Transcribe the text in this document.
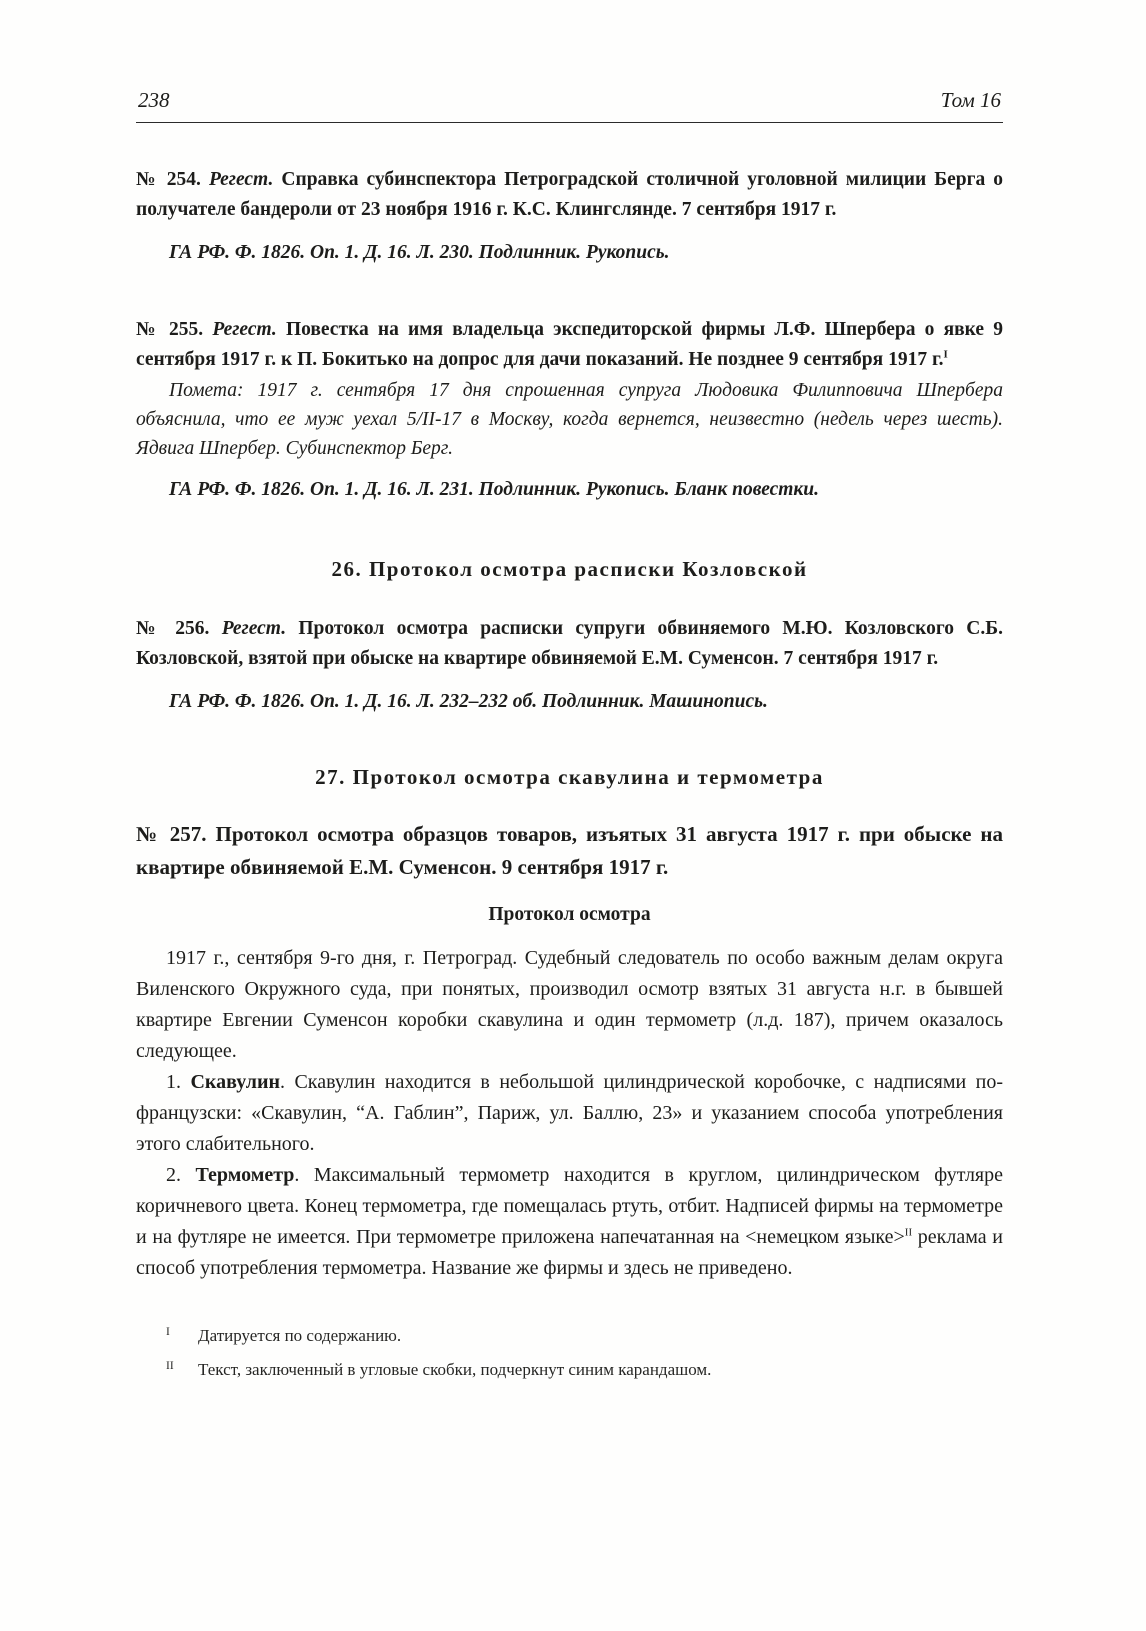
238	Том 16

№ 254. Регест. Справка субинспектора Петроградской столичной уголовной милиции Берга о получателе бандероли от 23 ноября 1916 г. К.С. Клингслянде. 7 сентября 1917 г.

ГА РФ. Ф. 1826. Оп. 1. Д. 16. Л. 230. Подлинник. Рукопись.

№ 255. Регест. Повестка на имя владельца экспедиторской фирмы Л.Ф. Шпербера о явке 9 сентября 1917 г. к П. Бокитько на допрос для дачи показаний. Не позднее 9 сентября 1917 г.$^I$

Помета: 1917 г. сентября 17 дня спрошенная супруга Людовика Филипповича Шпербера объяснила, что ее муж уехал 5/II-17 в Москву, когда вернется, неизвестно (недель через шесть). Ядвига Шпербер. Субинспектор Берг.

ГА РФ. Ф. 1826. Оп. 1. Д. 16. Л. 231. Подлинник. Рукопись. Бланк повестки.

26. Протокол осмотра расписки Козловской

№ 256. Регест. Протокол осмотра расписки супруги обвиняемого М.Ю. Козловского С.Б. Козловской, взятой при обыске на квартире обвиняемой Е.М. Суменсон. 7 сентября 1917 г.

ГА РФ. Ф. 1826. Оп. 1. Д. 16. Л. 232–232 об. Подлинник. Машинопись.

27. Протокол осмотра скавулина и термометра
№ 257. Протокол осмотра образцов товаров, изъятых 31 августа 1917 г. при обыске на квартире обвиняемой Е.М. Суменсон. 9 сентября 1917 г.
Протокол осмотра

1917 г., сентября 9-го дня, г. Петроград. Судебный следователь по особо важным делам округа Виленского Окружного суда, при понятых, производил осмотр взятых 31 августа н.г. в бывшей квартире Евгении Суменсон коробки скавулина и один термометр (л.д. 187), причем оказалось следующее.

1. Скавулин. Скавулин находится в небольшой цилиндрической коробочке, с надписями по-французски: «Скавулин, “А. Габлин”, Париж, ул. Баллю, 23» и указанием способа употребления этого слабительного.

2. Термометр. Максимальный термометр находится в круглом, цилиндрическом футляре коричневого цвета. Конец термометра, где помещалась ртуть, отбит. Надписей фирмы на термометре и на футляре не имеется. При термометре приложена напечатанная на <немецком языке>$^{II}$ реклама и способ употребления термометра. Название же фирмы и здесь не приведено.

I	Датируется по содержанию.
II	Текст, заключенный в угловые скобки, подчеркнут синим карандашом.
